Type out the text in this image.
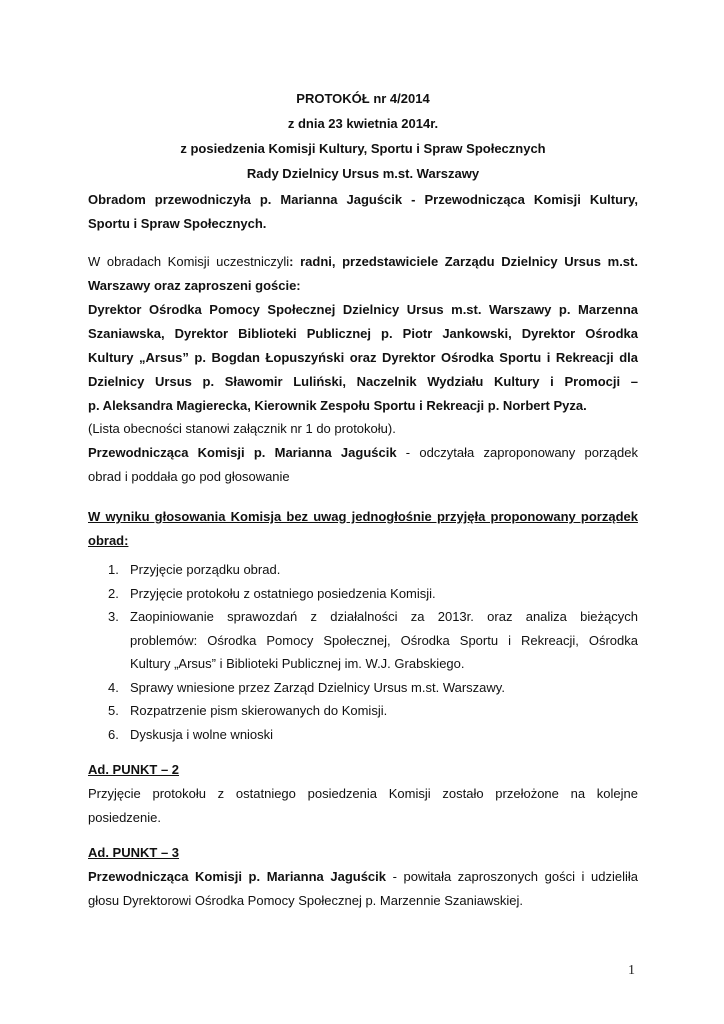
PROTOKÓŁ nr 4/2014
z dnia 23 kwietnia 2014r.
z posiedzenia Komisji Kultury, Sportu i Spraw Społecznych
Rady Dzielnicy Ursus m.st. Warszawy
Obradom przewodniczyła p. Marianna Jaguścik - Przewodnicząca Komisji Kultury,
Sportu i Spraw Społecznych.
W obradach Komisji uczestniczyli: radni, przedstawiciele Zarządu Dzielnicy Ursus m.st.
Warszawy oraz zaproszeni goście:
Dyrektor Ośrodka Pomocy Społecznej Dzielnicy Ursus m.st. Warszawy p. Marzenna
Szaniawska, Dyrektor Biblioteki Publicznej p. Piotr Jankowski, Dyrektor Ośrodka
Kultury „Arsus” p. Bogdan Łopuszyński oraz Dyrektor Ośrodka Sportu i Rekreacji dla
Dzielnicy Ursus p. Sławomir Luliński, Naczelnik Wydziału Kultury i Promocji –
p. Aleksandra Magierecka, Kierownik Zespołu Sportu i Rekreacji p. Norbert Pyza.
(Lista obecności stanowi załącznik nr 1 do protokołu).
Przewodnicząca Komisji p. Marianna Jaguścik - odczytała zaproponowany porządek
obrad i poddała go pod głosowanie
W wyniku głosowania Komisja bez uwag jednogłośnie przyjęła proponowany porządek
obrad:
1. Przyjęcie porządku obrad.
2. Przyjęcie protokołu z ostatniego posiedzenia Komisji.
3. Zaopiniowanie sprawozdań z działalności za 2013r. oraz analiza bieżących
problemów: Ośrodka Pomocy Społecznej, Ośrodka Sportu i Rekreacji, Ośrodka
Kultury „Arsus” i Biblioteki Publicznej im. W.J. Grabskiego.
4. Sprawy wniesione przez Zarząd Dzielnicy Ursus m.st. Warszawy.
5. Rozpatrzenie pism skierowanych do Komisji.
6. Dyskusja i wolne wnioski
Ad. PUNKT – 2
Przyjęcie protokołu z ostatniego posiedzenia Komisji zostało przełożone na kolejne
posiedzenie.
Ad. PUNKT – 3
Przewodnicząca Komisji p. Marianna Jaguścik - powitała zaproszonych gości i udzieliła
głosu Dyrektorowi Ośrodka Pomocy Społecznej p. Marzennie Szaniawskiej.
1
